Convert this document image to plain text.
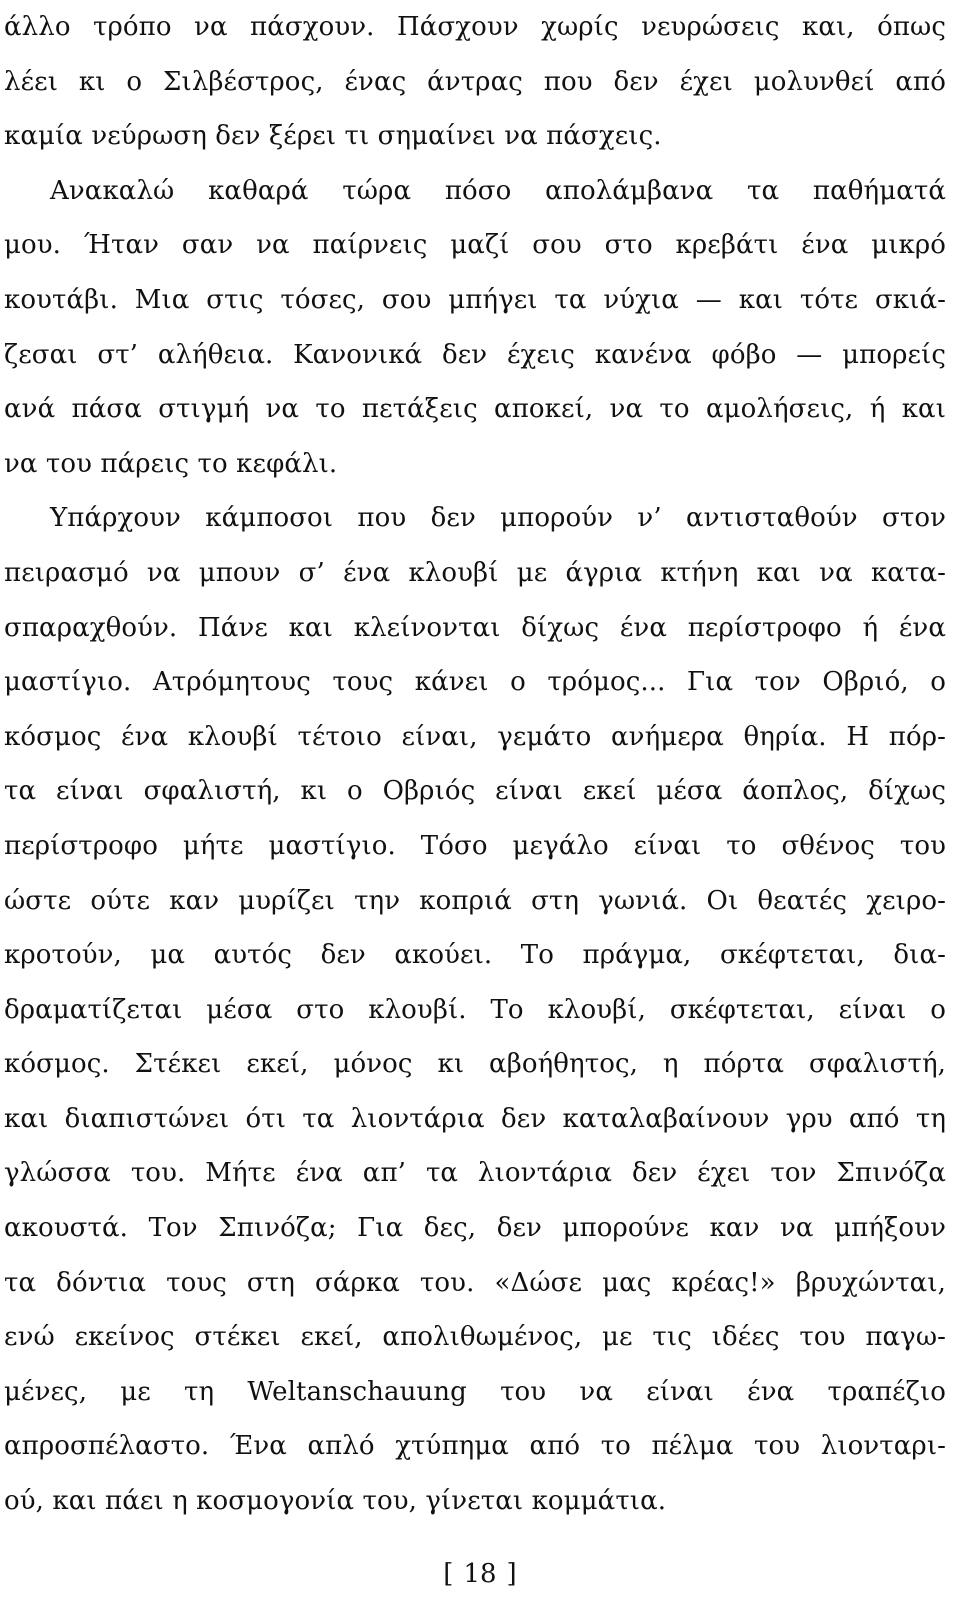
άλλο τρόπο να πάσχουν. Πάσχουν χωρίς νευρώσεις και, όπως
λέει κι ο Σιλβέστρος, ένας άντρας που δεν έχει μολυνθεί από
καμία νεύρωση δεν ξέρει τι σημαίνει να πάσχεις.
Ανακαλώ καθαρά τώρα πόσο απολάμβανα τα παθήματά
μου. Ήταν σαν να παίρνεις μαζί σου στο κρεβάτι ένα μικρό
κουτάβι. Μια στις τόσες, σου μπήγει τα νύχια — και τότε σκιά-
ζεσαι στ’ αλήθεια. Κανονικά δεν έχεις κανένα φόβο — μπορείς
ανά πάσα στιγμή να το πετάξεις αποκεί, να το αμολήσεις, ή και
να του πάρεις το κεφάλι.
Υπάρχουν κάμποσοι που δεν μπορούν ν’ αντισταθούν στον
πειρασμό να μπουν σ’ ένα κλουβί με άγρια κτήνη και να κατα-
σπαραχθούν. Πάνε και κλείνονται δίχως ένα περίστροφο ή ένα
μαστίγιο. Ατρόμητους τους κάνει ο τρόμος... Για τον Οβριό, ο
κόσμος ένα κλουβί τέτοιο είναι, γεμάτο ανήμερα θηρία. Η πόρ-
τα είναι σφαλιστή, κι ο Οβριός είναι εκεί μέσα άοπλος, δίχως
περίστροφο μήτε μαστίγιο. Τόσο μεγάλο είναι το σθένος του
ώστε ούτε καν μυρίζει την κοπριά στη γωνιά. Οι θεατές χειρο-
κροτούν, μα αυτός δεν ακούει. Το πράγμα, σκέφτεται, δια-
δραματίζεται μέσα στο κλουβί. Το κλουβί, σκέφτεται, είναι ο
κόσμος. Στέκει εκεί, μόνος κι αβοήθητος, η πόρτα σφαλιστή,
και διαπιστώνει ότι τα λιοντάρια δεν καταλαβαίνουν γρυ από τη
γλώσσα του. Μήτε ένα απ’ τα λιοντάρια δεν έχει τον Σπινόζα
ακουστά. Τον Σπινόζα; Για δες, δεν μπορούνε καν να μπήξουν
τα δόντια τους στη σάρκα του. «Δώσε μας κρέας!» βρυχώνται,
ενώ εκείνος στέκει εκεί, απολιθωμένος, με τις ιδέες του παγω-
μένες, με τη Weltanschauung του να είναι ένα τραπέζιο
απροσπέλαστο. Ένα απλό χτύπημα από το πέλμα του λιονταρι-
ού, και πάει η κοσμογονία του, γίνεται κομμάτια.
[ 18 ]
